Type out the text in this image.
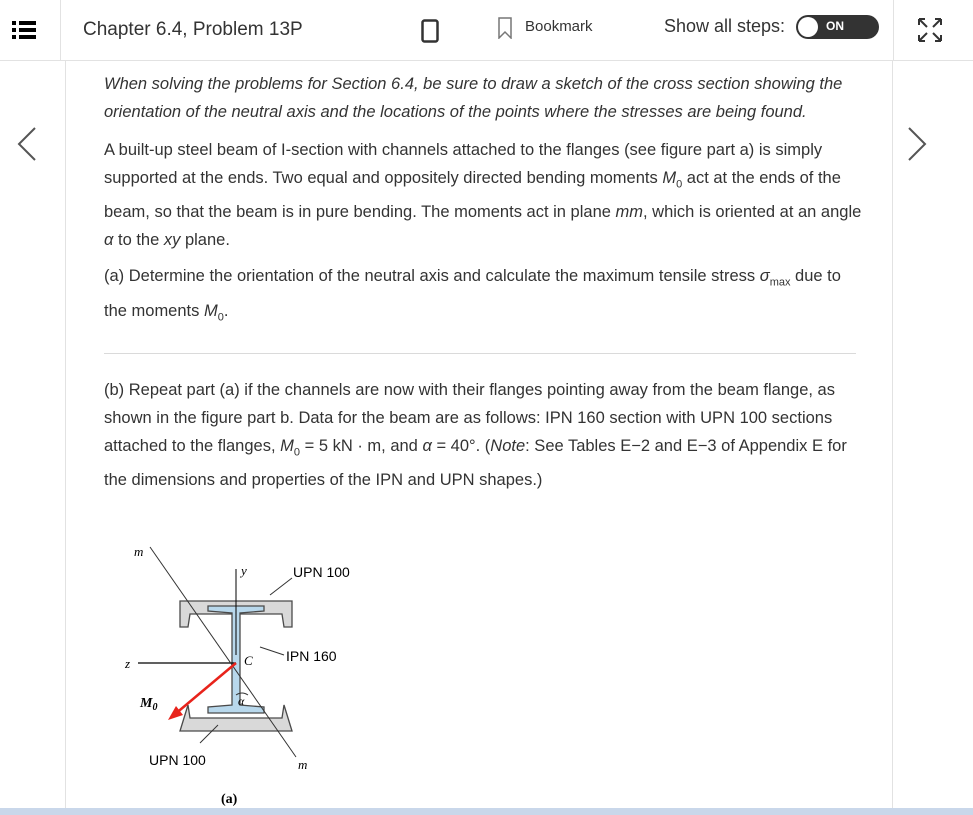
Chapter 6.4, Problem 13P	Bookmark	Show all steps:	ON

When solving the problems for Section 6.4, be sure to draw a sketch of the cross section showing the orientation of the neutral axis and the locations of the points where the stresses are being found.

A built-up steel beam of I-section with channels attached to the flanges (see figure part a) is simply supported at the ends. Two equal and oppositely directed bending moments $M_0$ act at the ends of the beam, so that the beam is in pure bending. The moments act in plane mm, which is oriented at an angle α to the xy plane.

(a) Determine the orientation of the neutral axis and calculate the maximum tensile stress $\sigma_{max}$ due to the moments $M_0$.

(b) Repeat part (a) if the channels are now with their flanges pointing away from the beam flange, as shown in the figure part b. Data for the beam are as follows: IPN 160 section with UPN 100 sections attached to the flanges, $M_0 = 5$ kN · m, and α = 40°. (Note: See Tables E−2 and E−3 of Appendix E for the dimensions and properties of the IPN and UPN shapes.)

m
y	UPN 100
IPN 160
z	C
α
$M_0$
UPN 100	m
(a)
